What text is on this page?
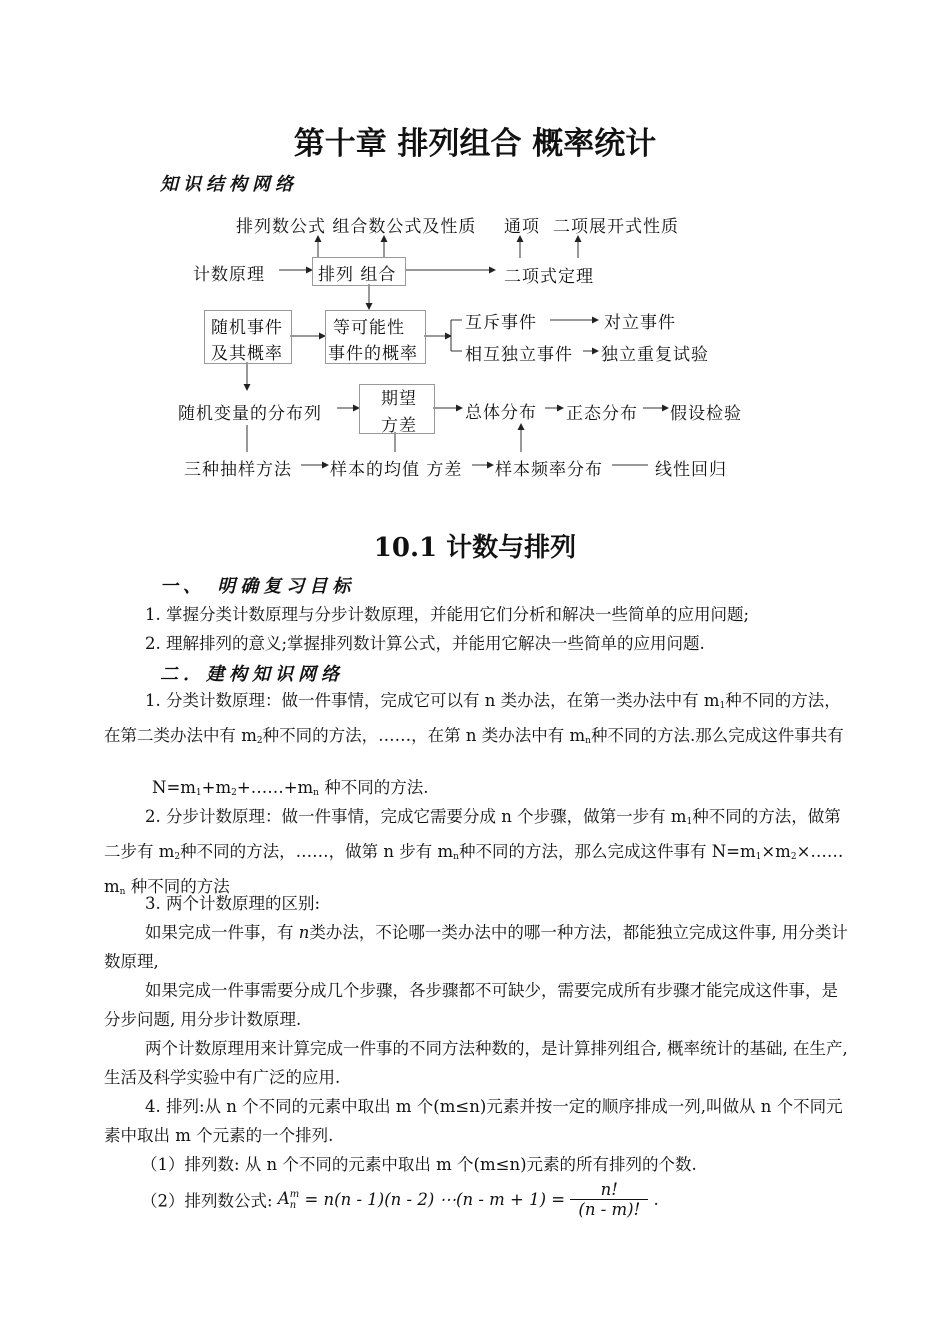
第十章 排列组合 概率统计
知识结构网络
排列数公式 组合数公式及性质 通项 二项展开式性质
计数原理	排列 组合	二项式定理
随机事件
及其概率
等可能性
事件的概率
互斥事件	对立事件
相互独立事件 独立重复试验
随机变量的分布列
期望
方差
总体分布 正态分布 假设检验
三种抽样方法 样本的均值 方差 样本频率分布	线性回归
10.1 计数与排列
一、 明确复习目标
1. 掌握分类计数原理与分步计数原理，并能用它们分析和解决一些简单的应用问题;
2. 理解排列的意义;掌握排列数计算公式，并能用它解决一些简单的应用问题.
二．建构知识网络
1. 分类计数原理：做一件事情，完成它可以有 n 类办法，在第一类办法中有 $m_1$种不同的方法，在第二类办法中有 $m_2$种不同的方法，……，在第 n 类办法中有 $m_n$种不同的方法.那么完成这件事共有
$N=m_1+m_2+\dots\dots+m_n$ 种不同的方法.
2. 分步计数原理：做一件事情，完成它需要分成 n 个步骤，做第一步有 $m_1$种不同的方法，做第二步有 $m_2$种不同的方法，……，做第 n 步有 $m_n$种不同的方法，那么完成这件事有 $N=m_1\times m_2\times\dots\dots m_n$ 种不同的方法
3. 两个计数原理的区别:
如果完成一件事，有 n类办法，不论哪一类办法中的哪一种方法，都能独立完成这件事, 用分类计数原理,
如果完成一件事需要分成几个步骤，各步骤都不可缺少，需要完成所有步骤才能完成这件事，是分步问题, 用分步计数原理.
两个计数原理用来计算完成一件事的不同方法种数的，是计算排列组合, 概率统计的基础, 在生产, 生活及科学实验中有广泛的应用.
4. 排列:从 n 个不同的元素中取出 m 个(m≤n)元素并按一定的顺序排成一列,叫做从 n 个不同元素中取出 m 个元素的一个排列.
（1）排列数: 从 n 个不同的元素中取出 m 个(m≤n)元素的所有排列的个数.
（2）排列数公式: A m
n = n(n - 1)(n - 2) ⋯(n - $m + 1) = \frac{n!}{(n - m)!}$ .
